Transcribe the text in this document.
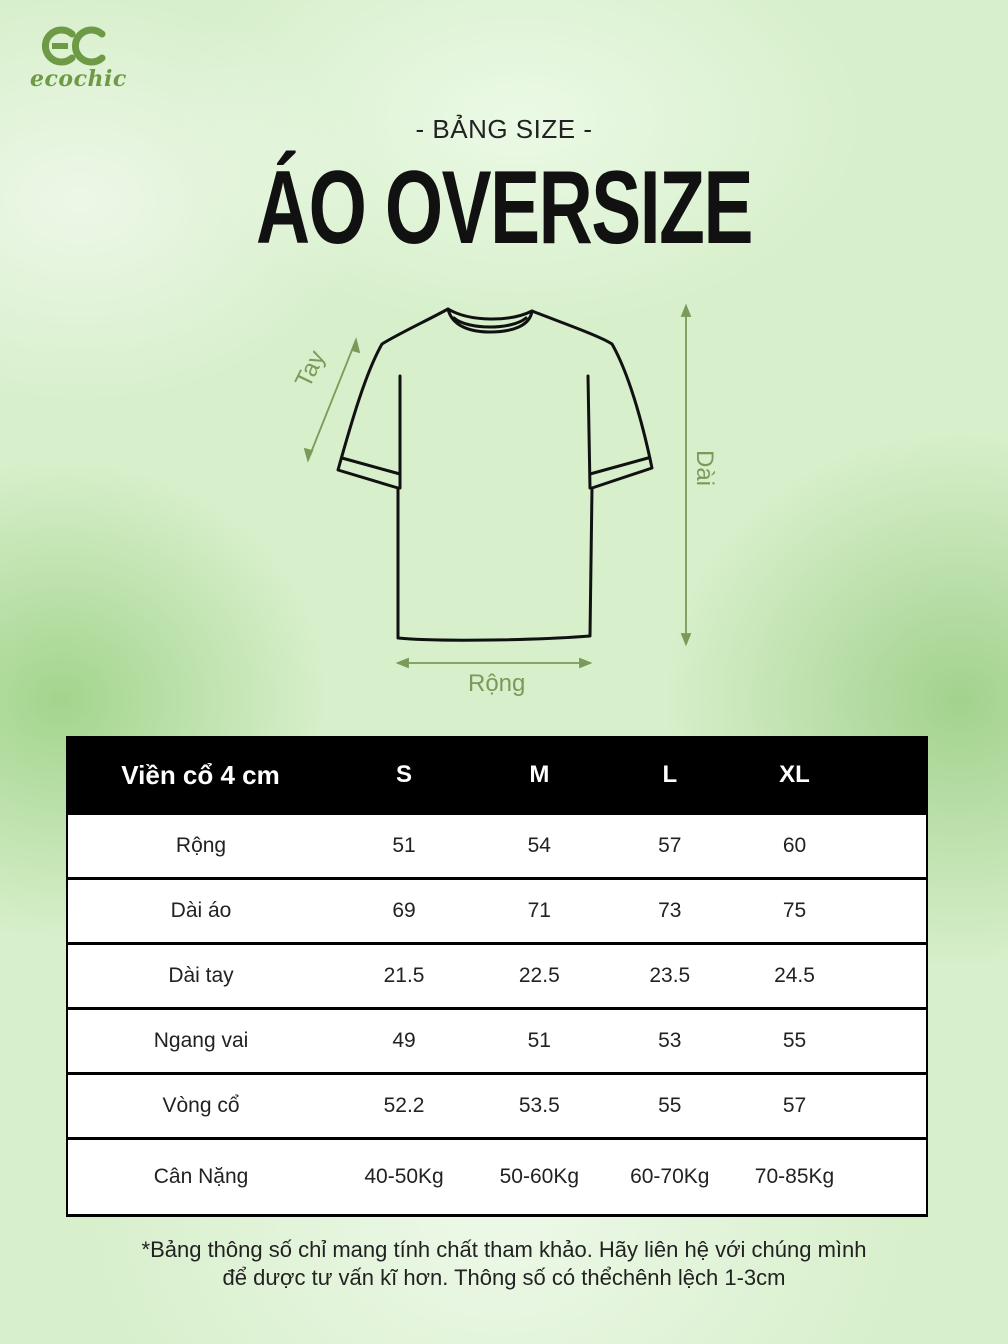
ecochic
- BẢNG SIZE -
ÁO OVERSIZE
Tay
Dài
Rộng
Viền cổ 4 cm	S	M	L	XL	
Rộng	51	54	57	60	
Dài áo	69	71	73	75	
Dài tay	21.5	22.5	23.5	24.5	
Ngang vai	49	51	53	55	
Vòng cổ	52.2	53.5	55	57	
Cân Nặng	40-50Kg	50-60Kg	60-70Kg	70-85Kg	
*Bảng thông số chỉ mang tính chất tham khảo. Hãy liên hệ với chúng mình
để dược tư vấn kĩ hơn. Thông số có thểchênh lệch 1-3cm
